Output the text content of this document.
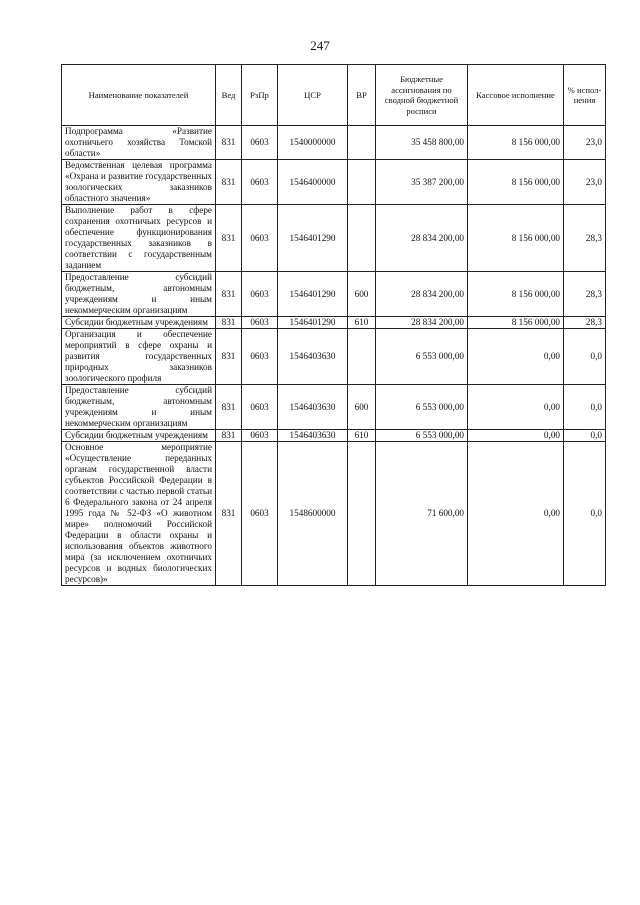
247
Наименование показателей	Вед	РзПр	ЦСР	ВР	Бюджетные ассигнования по сводной бюджетной росписи	Кассовое исполнение	% испол-нения
Подпрограмма «Развитие охотничьего хозяйства Томской области»	831	0603	1540000000		35 458 800,00	8 156 000,00	23,0
Ведомственная целевая программа «Охрана и развитие государственных зоологических заказников областного значения»	831	0603	1546400000		35 387 200,00	8 156 000,00	23,0
Выполнение работ в сфере сохранения охотничьих ресурсов и обеспечение функционирования государственных заказников в соответствии с государственным заданием	831	0603	1546401290		28 834 200,00	8 156 000,00	28,3
Предоставление субсидий бюджетным, автономным учреждениям и иным некоммерческим организациям	831	0603	1546401290	600	28 834 200,00	8 156 000,00	28,3
Субсидии бюджетным учреждениям	831	0603	1546401290	610	28 834 200,00	8 156 000,00	28,3
Организация и обеспечение мероприятий в сфере охраны и развития государственных природных заказников зоологического профиля	831	0603	1546403630		6 553 000,00	0,00	0,0
Предоставление субсидий бюджетным, автономным учреждениям и иным некоммерческим организациям	831	0603	1546403630	600	6 553 000,00	0,00	0,0
Субсидии бюджетным учреждениям	831	0603	1546403630	610	6 553 000,00	0,00	0,0
Основное мероприятие «Осуществление переданных органам государственной власти субъектов Российской Федерации в соответствии с частью первой статьи 6 Федерального закона от 24 апреля 1995 года № 52-ФЗ «О животном мире» полномочий Российской Федерации в области охраны и использования объектов животного мира (за исключением охотничьих ресурсов и водных биологических ресурсов)»	831	0603	1548600000		71 600,00	0,00	0,0
